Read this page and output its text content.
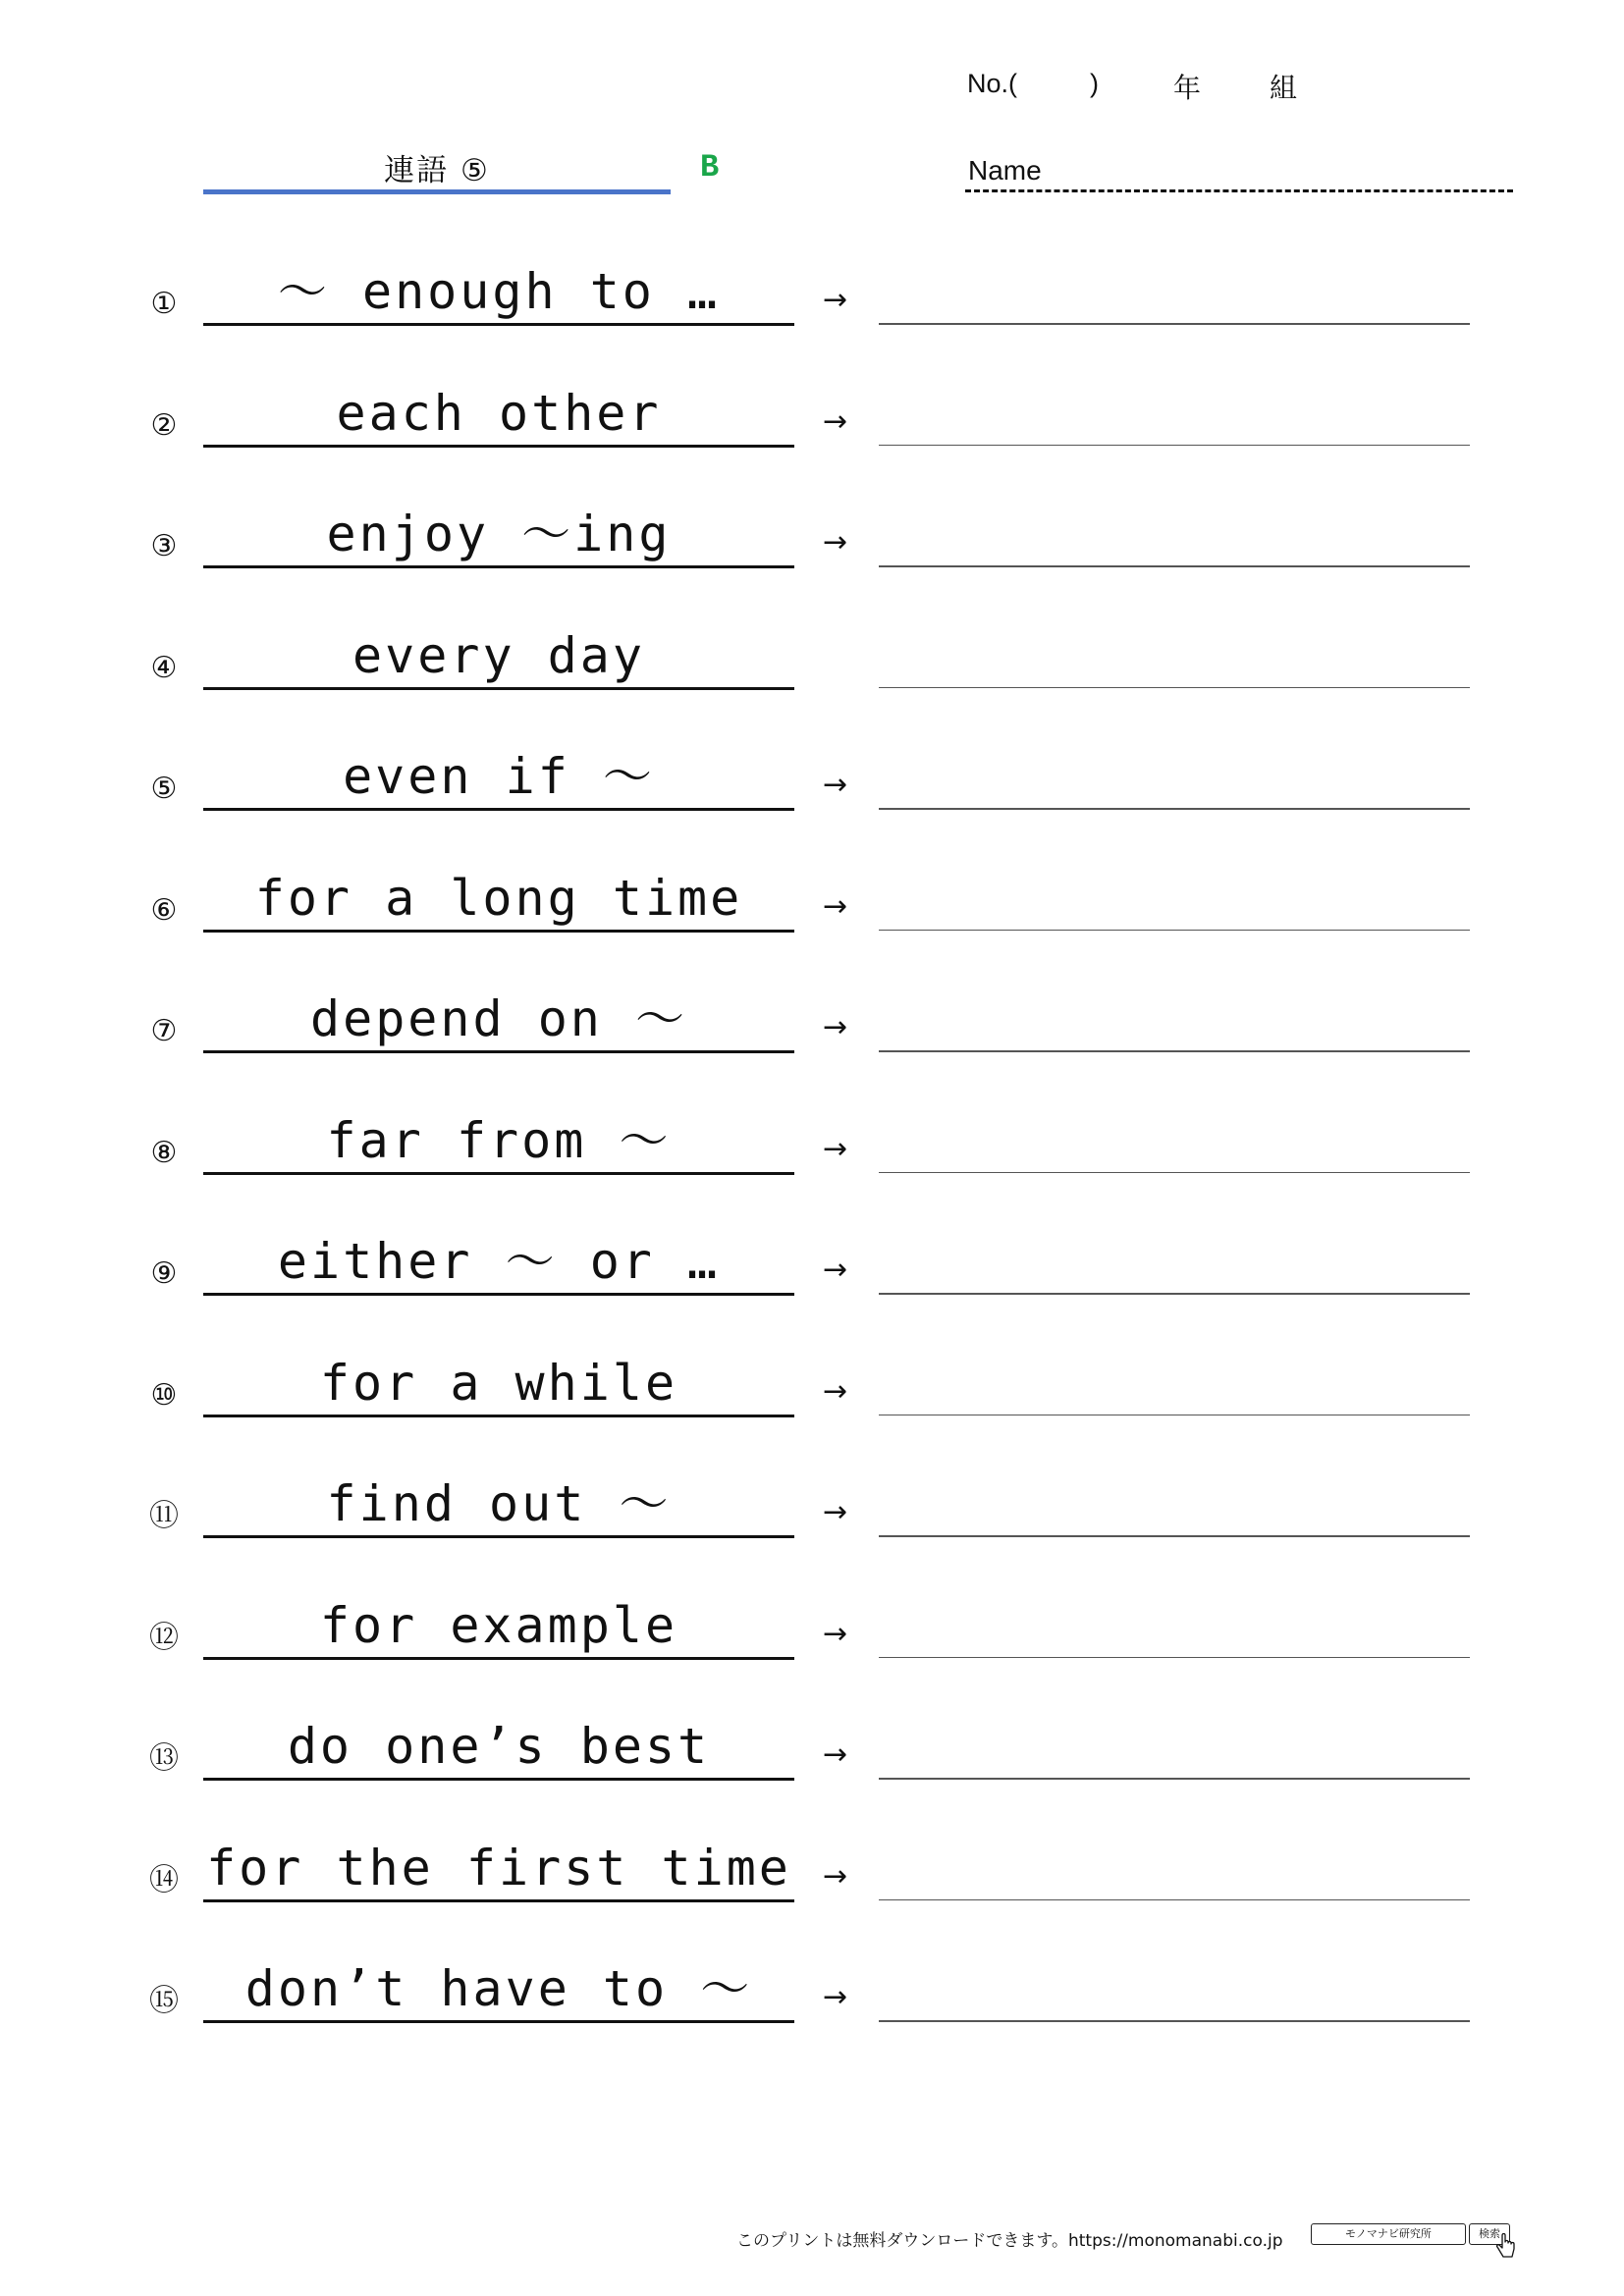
No.(	)	年 組
連語 ⑤	B	Name
①	～ enough to …	→
②	each other	→
③	enjoy ～ing	→
④	every day
⑤	even if ～	→
⑥	for a long time	→
⑦	depend on ～	→
⑧	far from ～	→
⑨	either ～ or …	→
⑩	for a while	→
⑪	find out ～	→
⑫	for example	→
⑬	do one’s best	→
⑭ for the first time →
⑮	don’t have to ～	→
このプリントは無料ダウンロードできます。https://monomanabi.co.jp	モノマナビ研究所	検索
